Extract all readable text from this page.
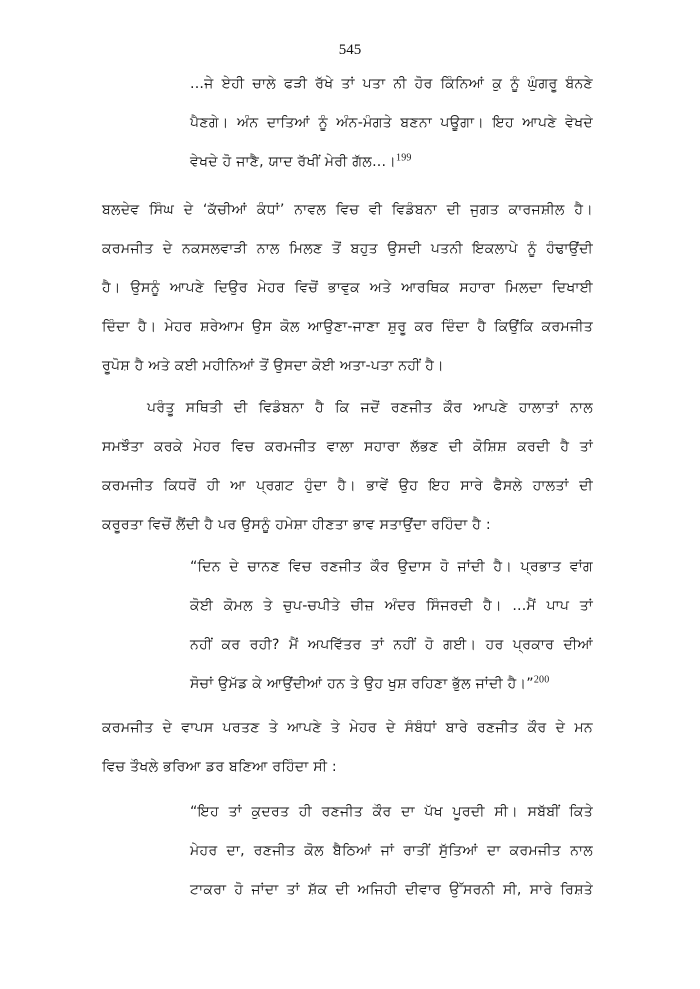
545
...ਜੇ ਏਹੀ ਚਾਲੇ ਫੜੀ ਰੱਖੇ ਤਾਂ ਪਤਾ ਨੀ ਹੋਰ ਕਿੰਨਿਆਂ ਕੁ ਨੂੰ ਘੁੰਗਰੂ ਬੰਨਣੇ
ਪੈਣਗੇ। ਅੰਨ ਦਾਤਿਆਂ ਨੂੰ ਅੰਨ-ਮੰਗਤੇ ਬਣਨਾ ਪਊਗਾ। ਇਹ ਆਪਣੇ ਵੇਖਦੇ
ਵੇਖਦੇ ਹੋ ਜਾਣੈ, ਯਾਦ ਰੱਖੀਂ ਮੇਰੀ ਗੱਲ...।$^{199}$
ਬਲਦੇਵ ਸਿੰਘ ਦੇ ‘ਕੱਚੀਆਂ ਕੰਧਾਂ’ ਨਾਵਲ ਵਿਚ ਵੀ ਵਿਡੰਬਨਾ ਦੀ ਜੁਗਤ ਕਾਰਜਸ਼ੀਲ ਹੈ।
ਕਰਮਜੀਤ ਦੇ ਨਕਸਲਵਾੜੀ ਨਾਲ ਮਿਲਣ ਤੋਂ ਬਹੁਤ ਉਸਦੀ ਪਤਨੀ ਇਕਲਾਪੇ ਨੂੰ ਹੰਢਾਉਂਦੀ
ਹੈ। ਉਸਨੂੰ ਆਪਣੇ ਦਿਉਰ ਮੇਹਰ ਵਿਚੋਂ ਭਾਵੁਕ ਅਤੇ ਆਰਥਿਕ ਸਹਾਰਾ ਮਿਲਦਾ ਦਿਖਾਈ
ਦਿੰਦਾ ਹੈ। ਮੇਹਰ ਸ਼ਰੇਆਮ ਉਸ ਕੋਲ ਆਉਣਾ-ਜਾਣਾ ਸ਼ੁਰੂ ਕਰ ਦਿੰਦਾ ਹੈ ਕਿਉਂਕਿ ਕਰਮਜੀਤ
ਰੂਪੋਸ਼ ਹੈ ਅਤੇ ਕਈ ਮਹੀਨਿਆਂ ਤੋਂ ਉਸਦਾ ਕੋਈ ਅਤਾ-ਪਤਾ ਨਹੀਂ ਹੈ।
ਪਰੰਤੂ ਸਥਿਤੀ ਦੀ ਵਿਡੰਬਨਾ ਹੈ ਕਿ ਜਦੋਂ ਰਣਜੀਤ ਕੌਰ ਆਪਣੇ ਹਾਲਾਤਾਂ ਨਾਲ
ਸਮਝੌਤਾ ਕਰਕੇ ਮੇਹਰ ਵਿਚ ਕਰਮਜੀਤ ਵਾਲਾ ਸਹਾਰਾ ਲੱਭਣ ਦੀ ਕੋਸ਼ਿਸ਼ ਕਰਦੀ ਹੈ ਤਾਂ
ਕਰਮਜੀਤ ਕਿਧਰੋਂ ਹੀ ਆ ਪ੍ਰਗਟ ਹੁੰਦਾ ਹੈ। ਭਾਵੇਂ ਉਹ ਇਹ ਸਾਰੇ ਫੈਸਲੇ ਹਾਲਤਾਂ ਦੀ
ਕਰੂਰਤਾ ਵਿਚੋਂ ਲੈਂਦੀ ਹੈ ਪਰ ਉਸਨੂੰ ਹਮੇਸ਼ਾ ਹੀਣਤਾ ਭਾਵ ਸਤਾਉਂਦਾ ਰਹਿੰਦਾ ਹੈ :
“ਦਿਨ ਦੇ ਚਾਨਣ ਵਿਚ ਰਣਜੀਤ ਕੌਰ ਉਦਾਸ ਹੋ ਜਾਂਦੀ ਹੈ। ਪ੍ਰਭਾਤ ਵਾਂਗ
ਕੋਈ ਕੋਮਲ ਤੇ ਚੁਪ-ਚਪੀਤੇ ਚੀਜ਼ ਅੰਦਰ ਸਿੰਜਰਦੀ ਹੈ। ...ਮੈਂ ਪਾਪ ਤਾਂ
ਨਹੀਂ ਕਰ ਰਹੀ? ਮੈਂ ਅਪਵਿੱਤਰ ਤਾਂ ਨਹੀਂ ਹੋ ਗਈ। ਹਰ ਪ੍ਰਕਾਰ ਦੀਆਂ
ਸੋਚਾਂ ਉਮੱਡ ਕੇ ਆਉਂਦੀਆਂ ਹਨ ਤੇ ਉਹ ਖੁਸ਼ ਰਹਿਣਾ ਭੁੱਲ ਜਾਂਦੀ ਹੈ।”$^{200}$
ਕਰਮਜੀਤ ਦੇ ਵਾਪਸ ਪਰਤਣ ਤੇ ਆਪਣੇ ਤੇ ਮੇਹਰ ਦੇ ਸੰਬੰਧਾਂ ਬਾਰੇ ਰਣਜੀਤ ਕੌਰ ਦੇ ਮਨ
ਵਿਚ ਤੌਖਲੇ ਭਰਿਆ ਡਰ ਬਣਿਆ ਰਹਿੰਦਾ ਸੀ :
“ਇਹ ਤਾਂ ਕੁਦਰਤ ਹੀ ਰਣਜੀਤ ਕੌਰ ਦਾ ਪੱਖ ਪੂਰਦੀ ਸੀ। ਸਬੱਬੀਂ ਕਿਤੇ
ਮੇਹਰ ਦਾ, ਰਣਜੀਤ ਕੋਲ ਬੈਠਿਆਂ ਜਾਂ ਰਾਤੀਂ ਸੁੱਤਿਆਂ ਦਾ ਕਰਮਜੀਤ ਨਾਲ
ਟਾਕਰਾ ਹੋ ਜਾਂਦਾ ਤਾਂ ਸ਼ੱਕ ਦੀ ਅਜਿਹੀ ਦੀਵਾਰ ਉੱਸਰਨੀ ਸੀ, ਸਾਰੇ ਰਿਸ਼ਤੇ
